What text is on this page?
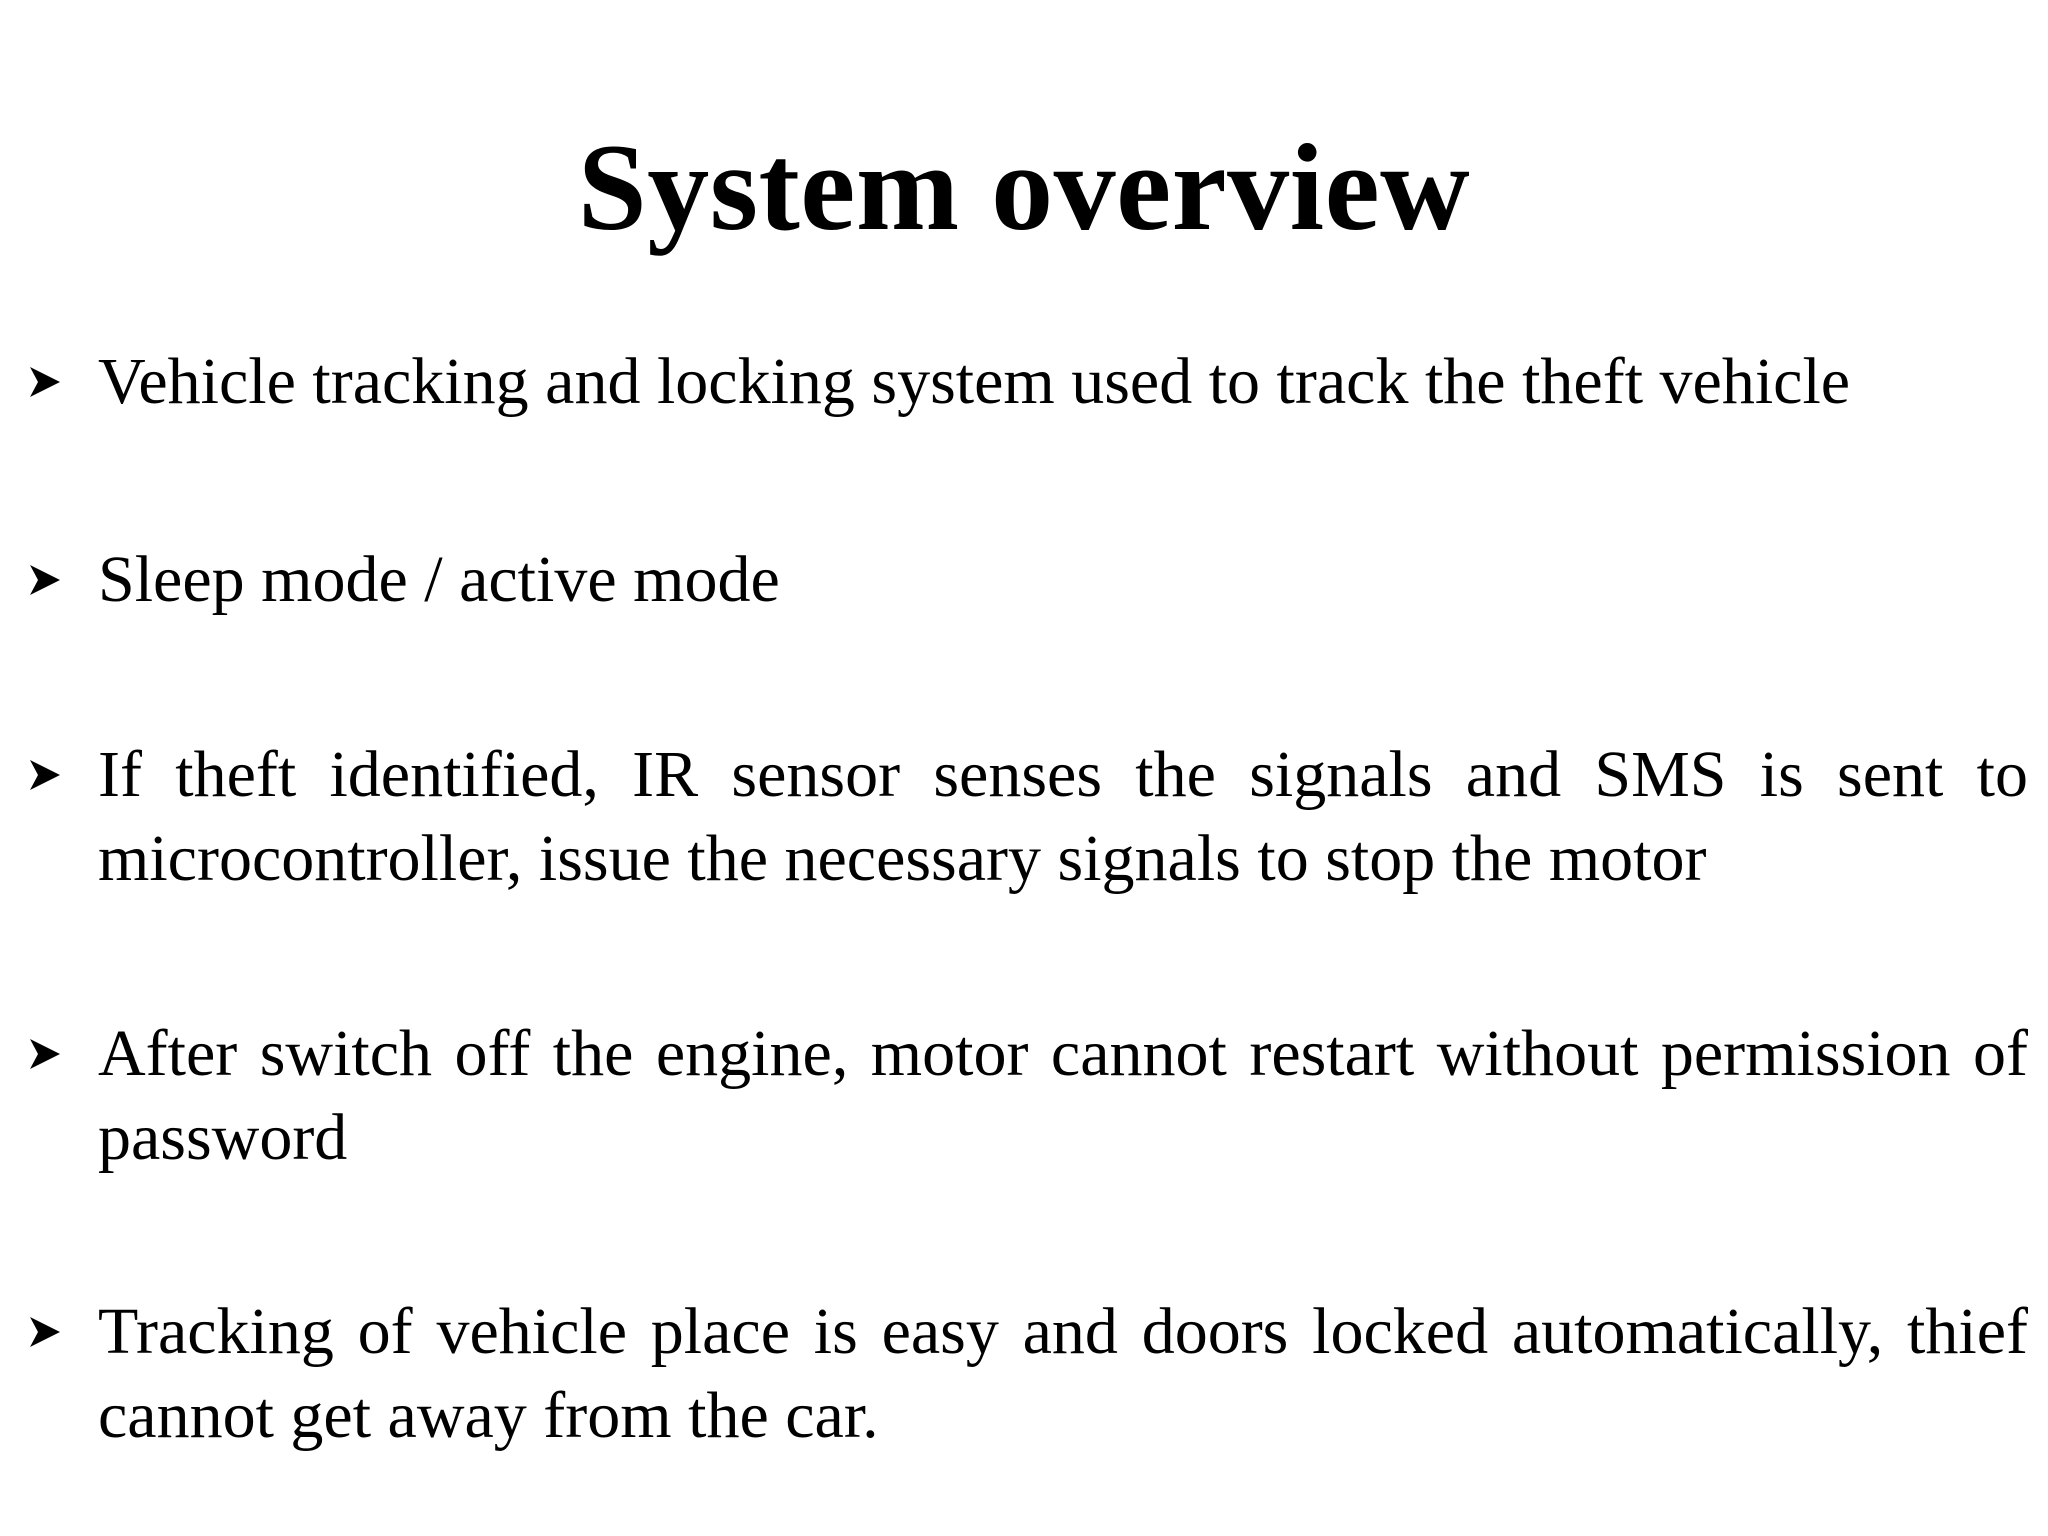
System overview

Vehicle tracking and locking system used to track the theft vehicle

Sleep mode / active mode

If theft identified, IR sensor senses the signals and SMS is sent to microcontroller, issue the necessary signals to stop the motor

After switch off the engine, motor cannot restart without permission of password

Tracking of vehicle place is easy and doors locked automatically, thief cannot get away from the car.
